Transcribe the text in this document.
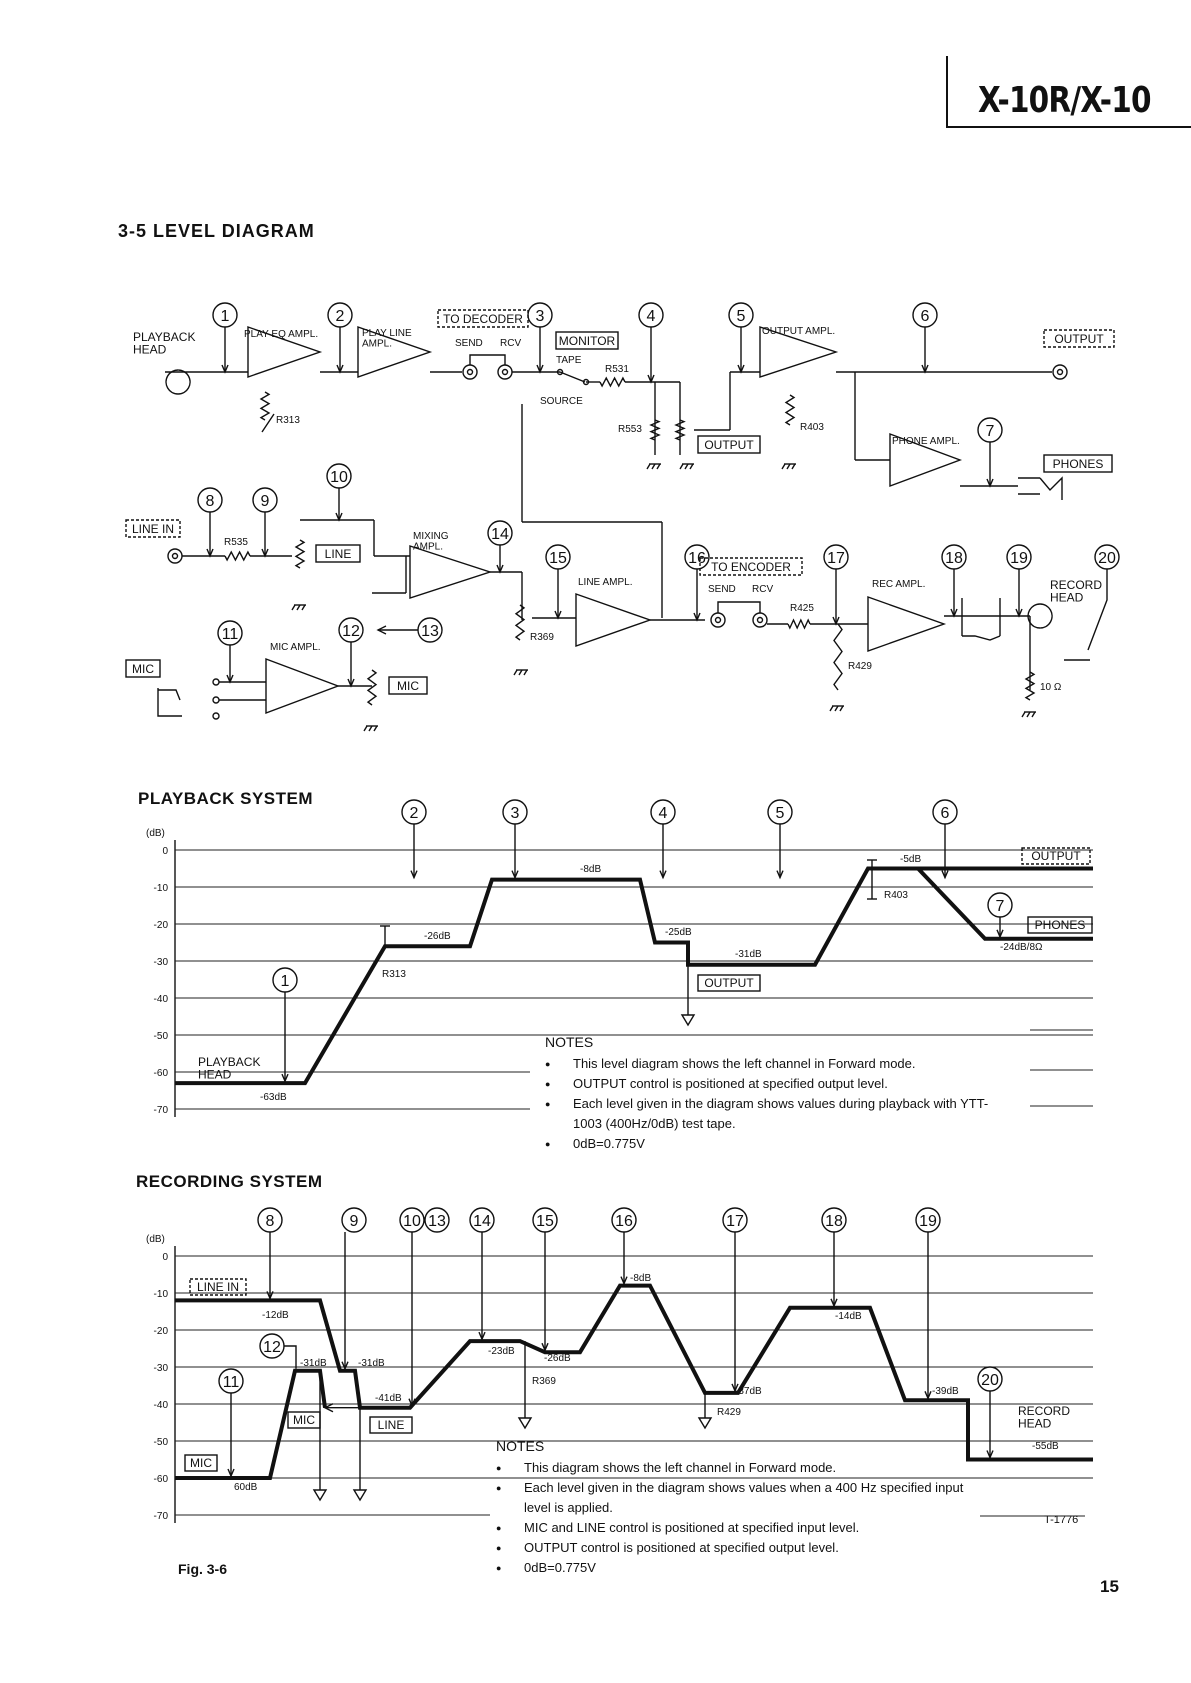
X-10R/X-10
3-5 LEVEL DIAGRAM
PLAYBACK HEAD
PLAY EQ AMPL.
R313
PLAY LINE AMPL.
TO DECODER
SEND RCV	MONITOR
TAPE
SOURCE
R531
R553
OUTPUT
OUTPUT AMPL.
R403
OUTPUT
PHONE AMPL.
PHONES
LINE IN
R535
LINE
MIXING AMPL.
R369
LINE AMPL.
TO ENCODER
SEND RCV
R425
R429
REC AMPL.	RECORD HEAD
10 Ω
MIC
MIC AMPL.
MIC
1	2	3	4	5	6
7
8	9
10
11	12	13
14
15	16	17	18	19	20
(dB)
0
-10
-20
-30
-40
-50
-60
-70
2	3	4	5	6
1
7
-63dB
-26dB
-8dB
-25dB
-31dB
-5dB
-24dB/8Ω
PLAYBACK HEAD
R313
OUTPUT
R403
OUTPUT
PHONES
(dB)
0
-10
-20
-30
-40
-50
-60
-70
8	9	10 13 14	15	16	17	18	19
11
12
20
-12dB
-31dB	-31dB
-41dB
-23dB
-26dB
-8dB
-37dB
-14dB
-39dB
-55dB
60dB
LINE IN
MIC
MIC	LINE
R369
R429	RECORD HEAD
PLAYBACK SYSTEM
RECORDING SYSTEM
NOTES
● This level diagram shows the left channel in Forward mode.
● OUTPUT control is positioned at specified output level.
● Each level given in the diagram shows values during playback with YTT-1003 (400Hz/0dB) test tape.
● 0dB=0.775V
NOTES
● This diagram shows the left channel in Forward mode.
● Each level given in the diagram shows values when a 400 Hz specified input level is applied.
● MIC and LINE control is positioned at specified input level.
● OUTPUT control is positioned at specified output level.
● 0dB=0.775V
Fig. 3-6
T-1776
15
